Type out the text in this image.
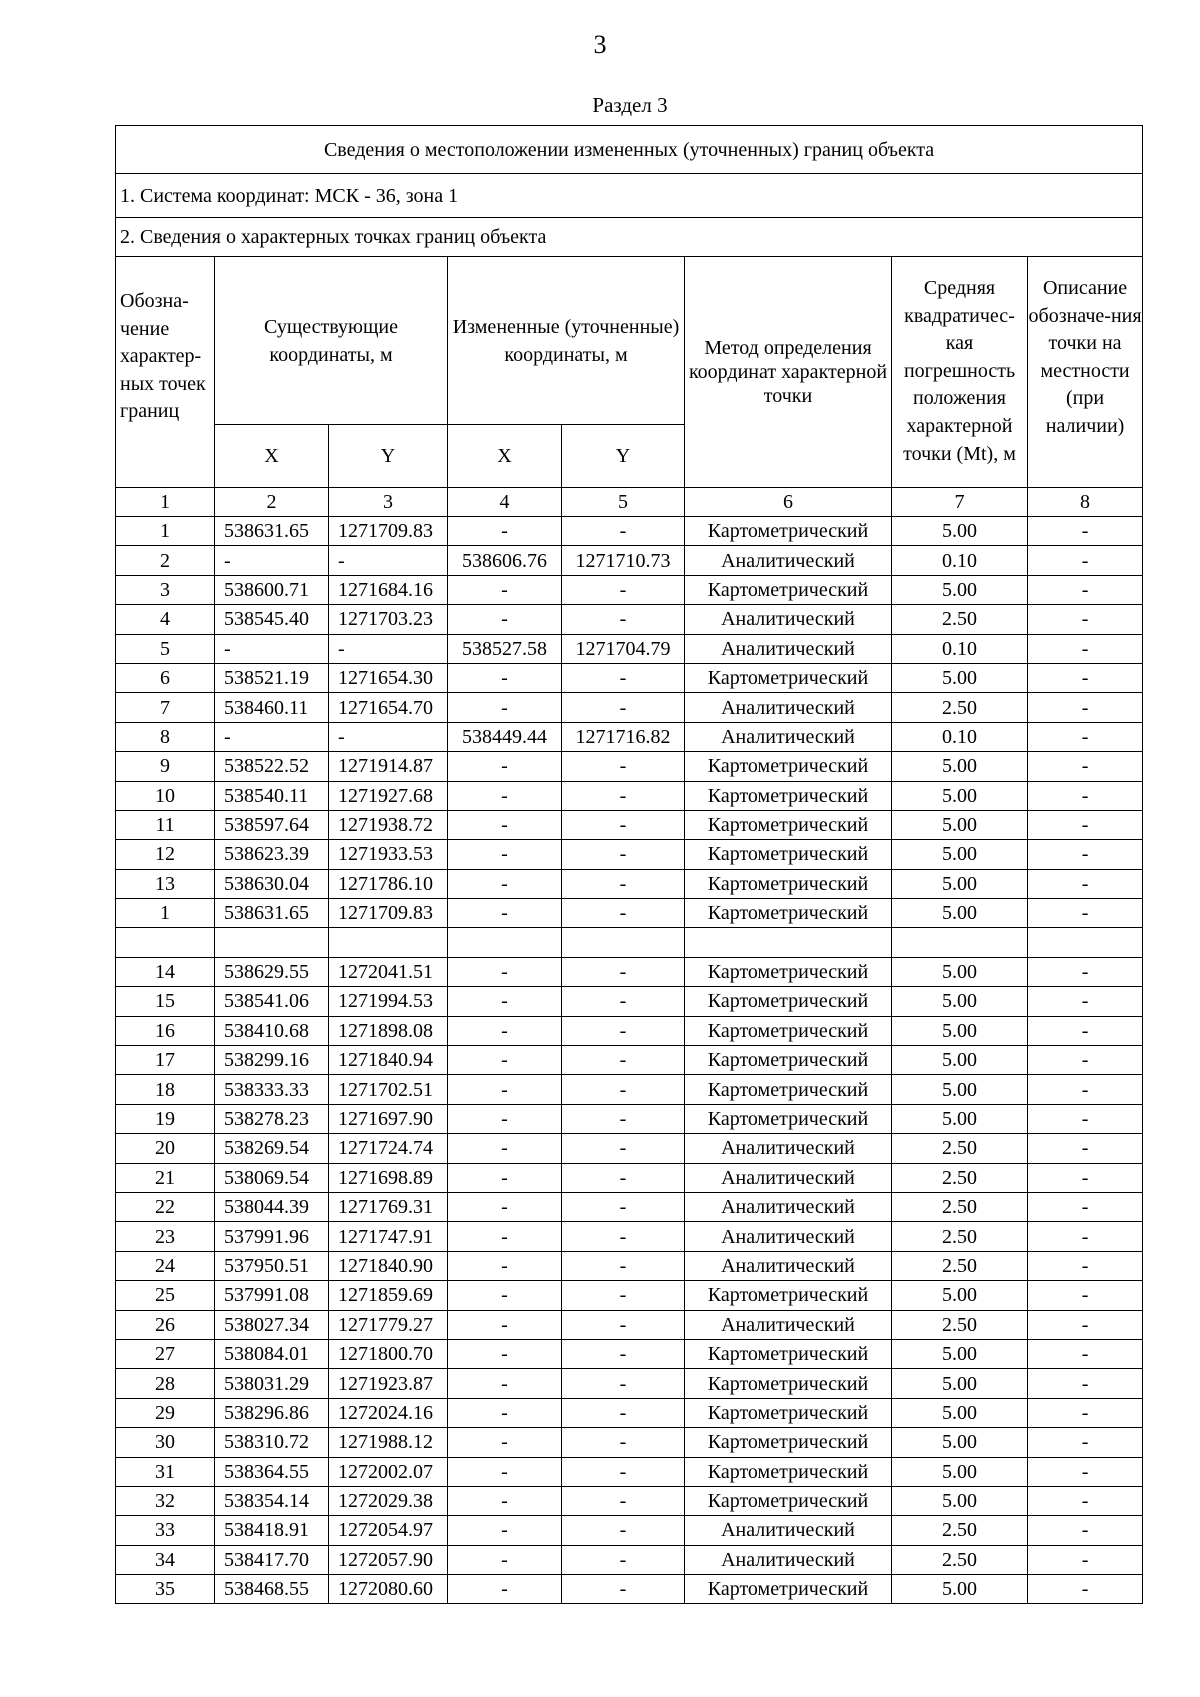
3
Раздел 3
Сведения о местоположении измененных (уточненных) границ объекта							
1. Система координат: МСК - 36, зона 1							
2. Сведения о характерных точках границ объекта							
Обозна-чение характер-ных точек границ	Существующие координаты, м		Измененные (уточненные) координаты, м		Метод определения координат характерной точки	Средняя квадратичес-кая погрешность положения характерной точки (Mt), м	Описание обозначе-ния точки на местности (при наличии)
	X	Y	X	Y			
1	2	3	4	5	6	7	8
1	538631.65	1271709.83	-	-	Картометрический	5.00	-
2	-	-	538606.76	1271710.73	Аналитический	0.10	-
3	538600.71	1271684.16	-	-	Картометрический	5.00	-
4	538545.40	1271703.23	-	-	Аналитический	2.50	-
5	-	-	538527.58	1271704.79	Аналитический	0.10	-
6	538521.19	1271654.30	-	-	Картометрический	5.00	-
7	538460.11	1271654.70	-	-	Аналитический	2.50	-
8	-	-	538449.44	1271716.82	Аналитический	0.10	-
9	538522.52	1271914.87	-	-	Картометрический	5.00	-
10	538540.11	1271927.68	-	-	Картометрический	5.00	-
11	538597.64	1271938.72	-	-	Картометрический	5.00	-
12	538623.39	1271933.53	-	-	Картометрический	5.00	-
13	538630.04	1271786.10	-	-	Картометрический	5.00	-
1	538631.65	1271709.83	-	-	Картометрический	5.00	-

14	538629.55	1272041.51	-	-	Картометрический	5.00	-
15	538541.06	1271994.53	-	-	Картометрический	5.00	-
16	538410.68	1271898.08	-	-	Картометрический	5.00	-
17	538299.16	1271840.94	-	-	Картометрический	5.00	-
18	538333.33	1271702.51	-	-	Картометрический	5.00	-
19	538278.23	1271697.90	-	-	Картометрический	5.00	-
20	538269.54	1271724.74	-	-	Аналитический	2.50	-
21	538069.54	1271698.89	-	-	Аналитический	2.50	-
22	538044.39	1271769.31	-	-	Аналитический	2.50	-
23	537991.96	1271747.91	-	-	Аналитический	2.50	-
24	537950.51	1271840.90	-	-	Аналитический	2.50	-
25	537991.08	1271859.69	-	-	Картометрический	5.00	-
26	538027.34	1271779.27	-	-	Аналитический	2.50	-
27	538084.01	1271800.70	-	-	Картометрический	5.00	-
28	538031.29	1271923.87	-	-	Картометрический	5.00	-
29	538296.86	1272024.16	-	-	Картометрический	5.00	-
30	538310.72	1271988.12	-	-	Картометрический	5.00	-
31	538364.55	1272002.07	-	-	Картометрический	5.00	-
32	538354.14	1272029.38	-	-	Картометрический	5.00	-
33	538418.91	1272054.97	-	-	Аналитический	2.50	-
34	538417.70	1272057.90	-	-	Аналитический	2.50	-
35	538468.55	1272080.60	-	-	Картометрический	5.00	-
